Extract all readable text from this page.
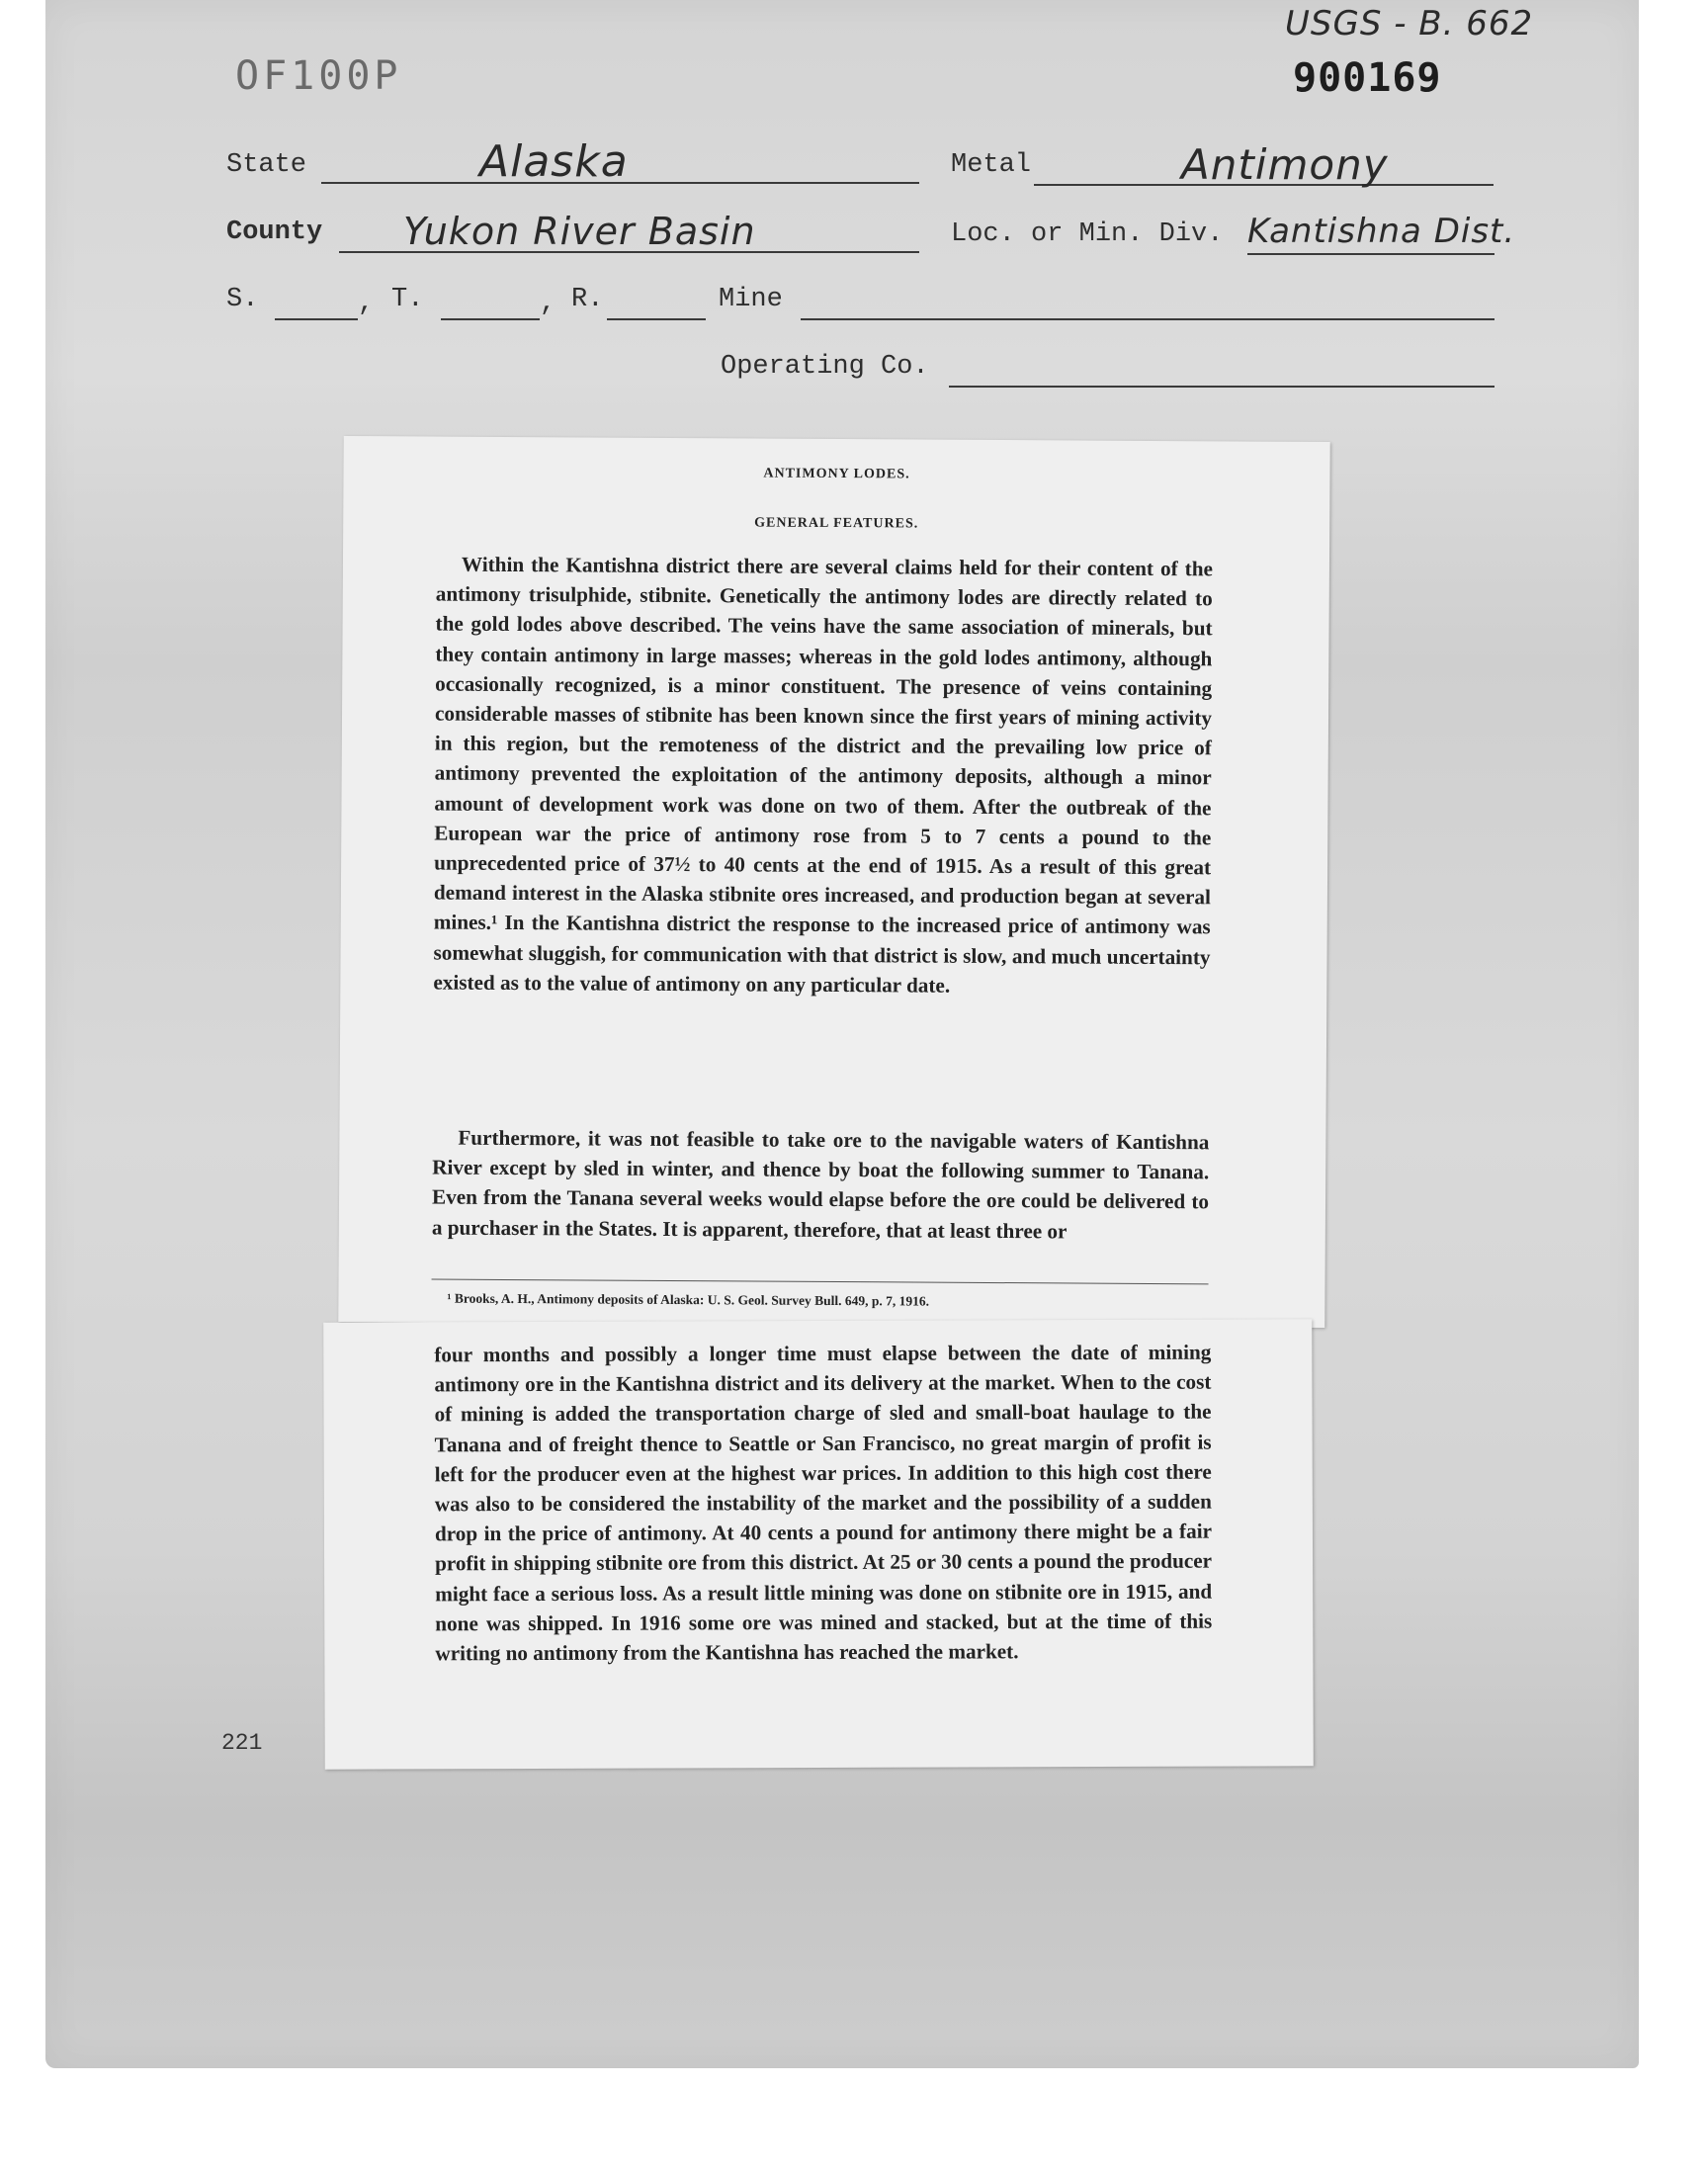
OF100P
USGS - B. 662
900169
State	Alaska	Metal	Antimony
County Yukon River Basin	Loc. or Min. Div. Kantishna Dist.
S.	, T.	, R.	Mine
Operating Co.
ANTIMONY LODES.
GENERAL FEATURES.

Within the Kantishna district there are several claims held for their content of the antimony trisulphide, stibnite. Genetically the antimony lodes are directly related to the gold lodes above described. The veins have the same association of minerals, but they contain antimony in large masses; whereas in the gold lodes antimony, although occasionally recognized, is a minor constituent. The presence of veins containing considerable masses of stibnite has been known since the first years of mining activity in this region, but the remoteness of the district and the prevailing low price of antimony prevented the exploitation of the antimony deposits, although a minor amount of development work was done on two of them. After the outbreak of the European war the price of antimony rose from 5 to 7 cents a pound to the unprecedented price of 37½ to 40 cents at the end of 1915. As a result of this great demand interest in the Alaska stibnite ores increased, and production began at several mines.¹ In the Kantishna district the response to the increased price of antimony was somewhat sluggish, for communication with that district is slow, and much uncertainty existed as to the value of antimony on any particular date.

Furthermore, it was not feasible to take ore to the navigable waters of Kantishna River except by sled in winter, and thence by boat the following summer to Tanana. Even from the Tanana several weeks would elapse before the ore could be delivered to a purchaser in the States. It is apparent, therefore, that at least three or

¹ Brooks, A. H., Antimony deposits of Alaska: U. S. Geol. Survey Bull. 649, p. 7, 1916.

four months and possibly a longer time must elapse between the date of mining antimony ore in the Kantishna district and its delivery at the market. When to the cost of mining is added the transportation charge of sled and small-boat haulage to the Tanana and of freight thence to Seattle or San Francisco, no great margin of profit is left for the producer even at the highest war prices. In addition to this high cost there was also to be considered the instability of the market and the possibility of a sudden drop in the price of antimony. At 40 cents a pound for antimony there might be a fair profit in shipping stibnite ore from this district. At 25 or 30 cents a pound the producer might face a serious loss. As a result little mining was done on stibnite ore in 1915, and none was shipped. In 1916 some ore was mined and stacked, but at the time of this writing no antimony from the Kantishna has reached the market.

221
